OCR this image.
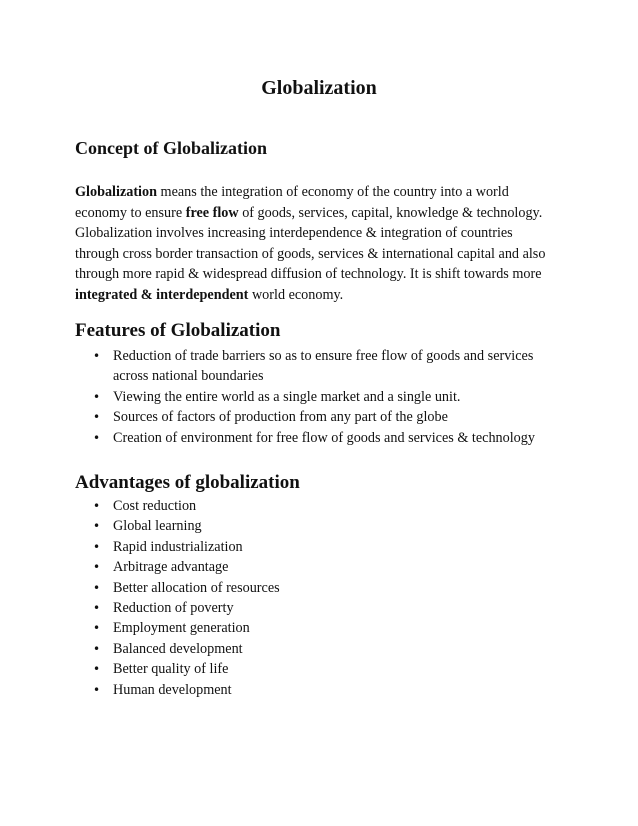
Globalization
Concept of Globalization

Globalization means the integration of economy of the country into a world
economy to ensure free flow of goods, services, capital, knowledge & technology.
Globalization involves increasing interdependence & integration of countries
through cross border transaction of goods, services & international capital and also
through more rapid & widespread diffusion of technology. It is shift towards more
integrated & interdependent world economy.

Features of Globalization
• Reduction of trade barriers so as to ensure free flow of goods and services
across national boundaries
• Viewing the entire world as a single market and a single unit.
• Sources of factors of production from any part of the globe
• Creation of environment for free flow of goods and services & technology
Advantages of globalization
• Cost reduction
• Global learning
• Rapid industrialization
• Arbitrage advantage
• Better allocation of resources
• Reduction of poverty
• Employment generation
• Balanced development
• Better quality of life
• Human development
